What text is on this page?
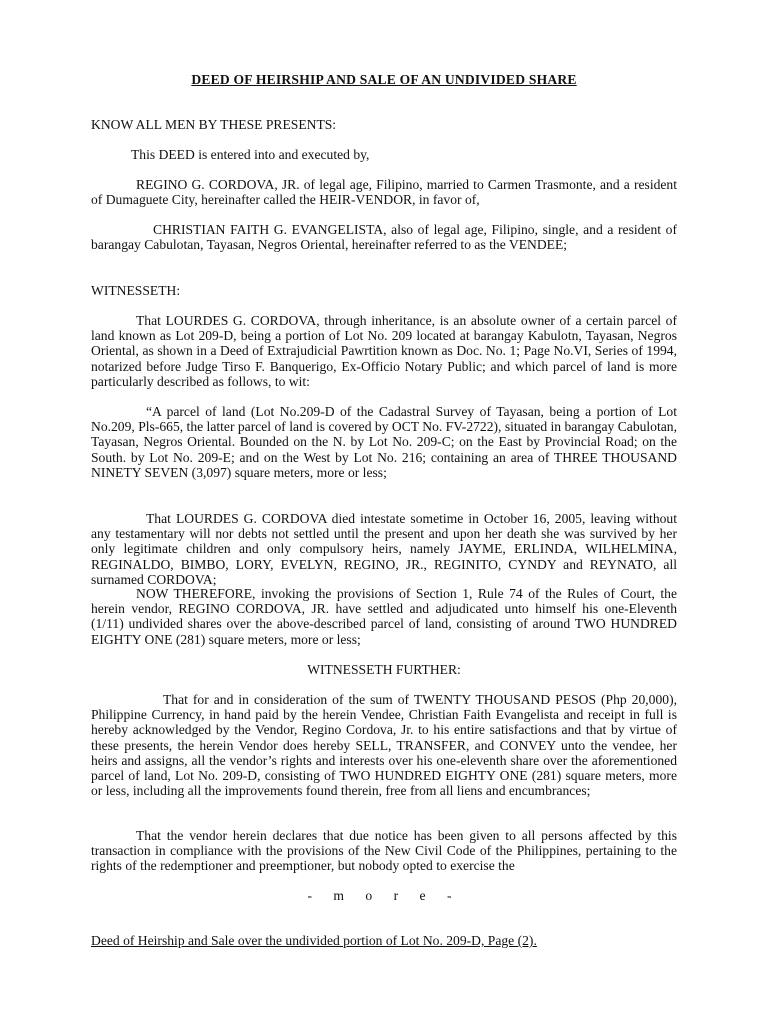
DEED OF HEIRSHIP AND SALE OF AN UNDIVIDED SHARE

KNOW ALL MEN BY THESE PRESENTS:

This DEED is entered into and executed by,

REGINO G. CORDOVA, JR. of legal age, Filipino, married to Carmen Trasmonte, and a resident of Dumaguete City, hereinafter called the HEIR-VENDOR, in favor of,

CHRISTIAN FAITH G. EVANGELISTA, also of legal age, Filipino, single, and a resident of barangay Cabulotan, Tayasan, Negros Oriental, hereinafter referred to as the VENDEE;

WITNESSETH:

That LOURDES G. CORDOVA, through inheritance, is an absolute owner of a certain parcel of land known as Lot 209-D, being a portion of Lot No. 209 located at barangay Kabulotn, Tayasan, Negros Oriental, as shown in a Deed of Extrajudicial Pawrtition known as Doc. No. 1; Page No.VI, Series of 1994, notarized before Judge Tirso F. Banquerigo, Ex-Officio Notary Public; and which parcel of land is more particularly described as follows, to wit:

“A parcel of land (Lot No.209-D of the Cadastral Survey of Tayasan, being a portion of Lot No.209, Pls-665, the latter parcel of land is covered by OCT No. FV-2722), situated in barangay Cabulotan, Tayasan, Negros Oriental. Bounded on the N. by Lot No. 209-C; on the East by Provincial Road; on the South. by Lot No. 209-E; and on the West by Lot No. 216; containing an area of THREE THOUSAND NINETY SEVEN (3,097) square meters, more or less;

That LOURDES G. CORDOVA died intestate sometime in October 16, 2005, leaving without any testamentary will nor debts not settled until the present and upon her death she was survived by her only legitimate children and only compulsory heirs, namely JAYME, ERLINDA, WILHELMINA, REGINALDO, BIMBO, LORY, EVELYN, REGINO, JR., REGINITO, CYNDY and REYNATO, all surnamed CORDOVA;

NOW THEREFORE, invoking the provisions of Section 1, Rule 74 of the Rules of Court, the herein vendor, REGINO CORDOVA, JR. have settled and adjudicated unto himself his one-Eleventh (1/11) undivided shares over the above-described parcel of land, consisting of around TWO HUNDRED EIGHTY ONE (281) square meters, more or less;

WITNESSETH FURTHER:

That for and in consideration of the sum of TWENTY THOUSAND PESOS (Php 20,000), Philippine Currency, in hand paid by the herein Vendee, Christian Faith Evangelista and receipt in full is hereby acknowledged by the Vendor, Regino Cordova, Jr. to his entire satisfactions and that by virtue of these presents, the herein Vendor does hereby SELL, TRANSFER, and CONVEY unto the vendee, her heirs and assigns, all the vendor’s rights and interests over his one-eleventh share over the aforementioned parcel of land, Lot No. 209-D, consisting of TWO HUNDRED EIGHTY ONE (281) square meters, more or less, including all the improvements found therein, free from all liens and encumbrances;

That the vendor herein declares that due notice has been given to all persons affected by this transaction in compliance with the provisions of the New Civil Code of the Philippines, pertaining to the rights of the redemptioner and preemptioner, but nobody opted to exercise the

- m o r e -

Deed of Heirship and Sale over the undivided portion of Lot No. 209-D, Page (2).
